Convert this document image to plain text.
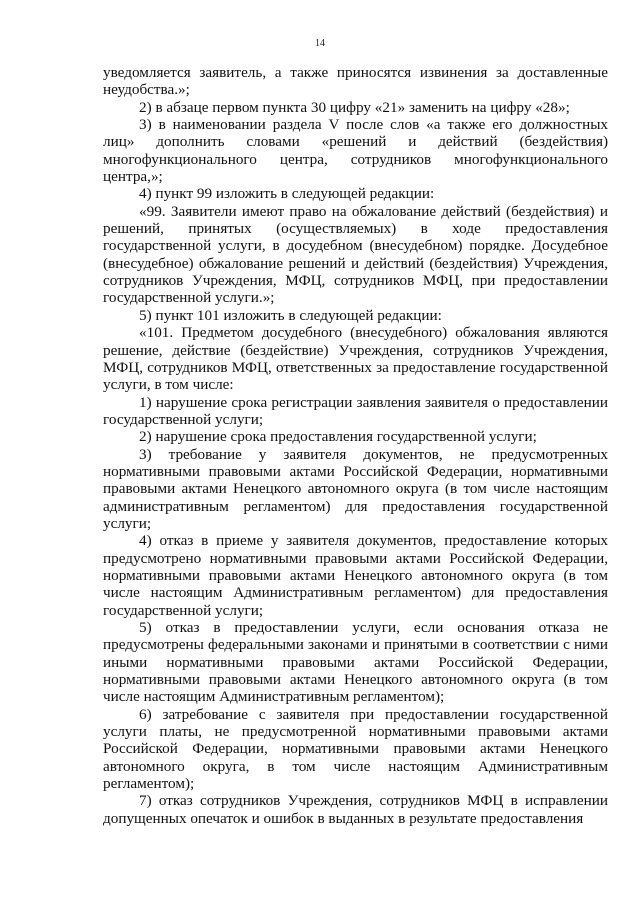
14

уведомляется заявитель, а также приносятся извинения за доставленные неудобства.»;

2) в абзаце первом пункта 30 цифру «21» заменить на цифру «28»;

3) в наименовании раздела V после слов «а также его должностных лиц» дополнить словами «решений и действий (бездействия) многофункционального центра, сотрудников многофункционального центра,»;

4) пункт 99 изложить в следующей редакции:

«99. Заявители имеют право на обжалование действий (бездействия) и решений, принятых (осуществляемых) в ходе предоставления государственной услуги, в досудебном (внесудебном) порядке. Досудебное (внесудебное) обжалование решений и действий (бездействия) Учреждения, сотрудников Учреждения, МФЦ, сотрудников МФЦ, при предоставлении государственной услуги.»;

5) пункт 101 изложить в следующей редакции:

«101. Предметом досудебного (внесудебного) обжалования являются решение, действие (бездействие) Учреждения, сотрудников Учреждения, МФЦ, сотрудников МФЦ, ответственных за предоставление государственной услуги, в том числе:

1) нарушение срока регистрации заявления заявителя о предоставлении государственной услуги;

2) нарушение срока предоставления государственной услуги;

3) требование у заявителя документов, не предусмотренных нормативными правовыми актами Российской Федерации, нормативными правовыми актами Ненецкого автономного округа (в том числе настоящим административным регламентом) для предоставления государственной услуги;

4) отказ в приеме у заявителя документов, предоставление которых предусмотрено нормативными правовыми актами Российской Федерации, нормативными правовыми актами Ненецкого автономного округа (в том числе настоящим Административным регламентом) для предоставления государственной услуги;

5) отказ в предоставлении услуги, если основания отказа не предусмотрены федеральными законами и принятыми в соответствии с ними иными нормативными правовыми актами Российской Федерации, нормативными правовыми актами Ненецкого автономного округа (в том числе настоящим Административным регламентом);

6) затребование с заявителя при предоставлении государственной услуги платы, не предусмотренной нормативными правовыми актами Российской Федерации, нормативными правовыми актами Ненецкого автономного округа, в том числе настоящим Административным регламентом);

7) отказ сотрудников Учреждения, сотрудников МФЦ в исправлении допущенных опечаток и ошибок в выданных в результате предоставления
